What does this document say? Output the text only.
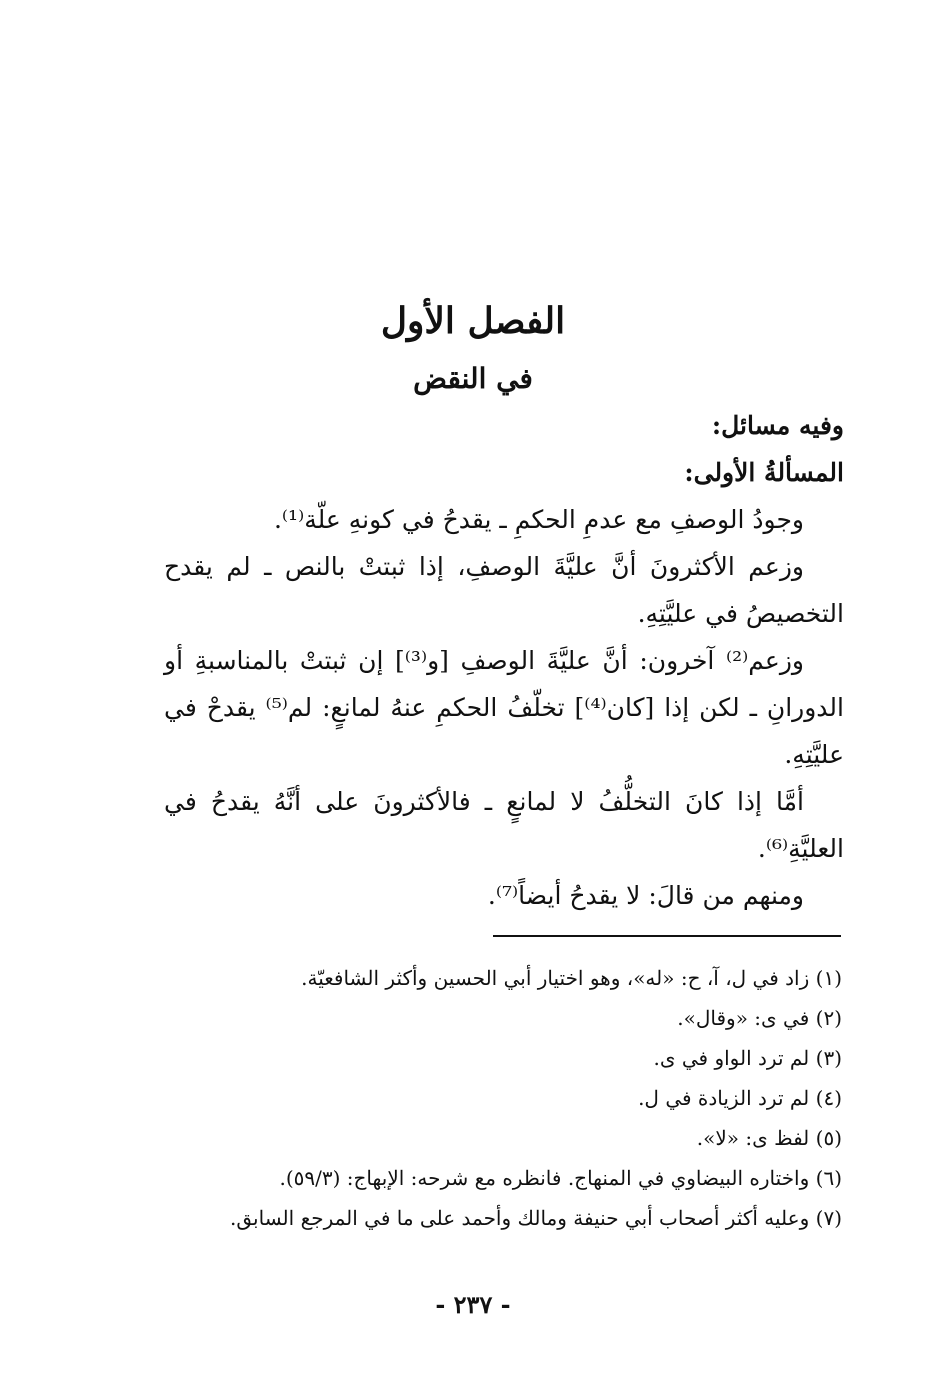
الفصل الأول
في النقض

وفيه مسائل:

المسألةُ الأولى:

وجودُ الوصفِ مع عدمِ الحكمِ ـ يقدحُ في كونهِ علّة⁽¹⁾.

وزعم الأكثرونَ أنَّ عليَّةَ الوصفِ، إذا ثبتتْ بالنص ـ لم يقدح التخصيصُ في عليَّتِهِ.

وزعم⁽²⁾ آخرون: أنَّ عليَّةَ الوصفِ [و⁽³⁾] إن ثبتتْ بالمناسبةِ أو الدورانِ ـ لكن إذا [كان⁽⁴⁾] تخلّفُ الحكمِ عنهُ لمانعٍ: لم⁽⁵⁾ يقدحْ في عليَّتِهِ.

أمَّا إذا كانَ التخلُّفُ لا لمانعٍ ـ فالأكثرونَ على أنَّهُ يقدحُ في العليَّةِ⁽⁶⁾.

ومنهم من قالَ: لا يقدحُ أيضاً⁽⁷⁾.

(١) زاد في ل، آ، ح: «له»، وهو اختيار أبي الحسين وأكثر الشافعيّة.

(٢) في ى: «وقال».

(٣) لم ترد الواو في ى.

(٤) لم ترد الزيادة في ل.

(٥) لفظ ى: «لا».

(٦) واختاره البيضاوي في المنهاج. فانظره مع شرحه: الإبهاج: (٥٩/٣).

(٧) وعليه أكثر أصحاب أبي حنيفة ومالك وأحمد على ما في المرجع السابق.

- ٢٣٧ -
